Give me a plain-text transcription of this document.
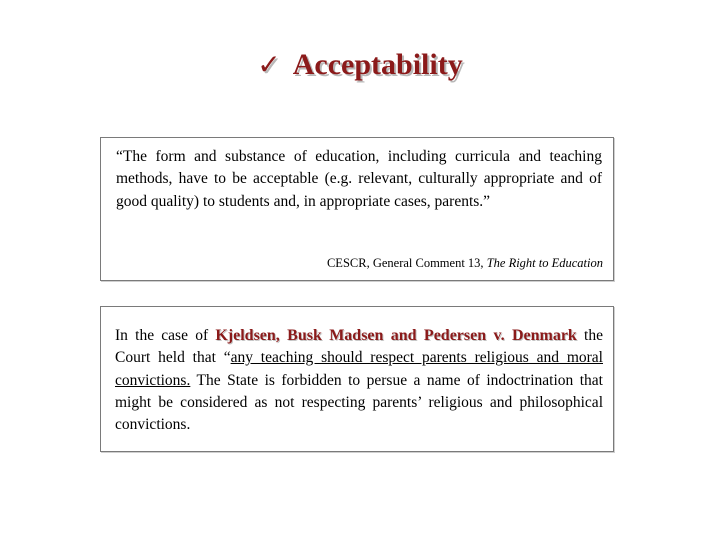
✓ Acceptability
“The form and substance of education, including curricula and teaching methods, have to be acceptable (e.g. relevant, culturally appropriate and of good quality) to students and, in appropriate cases, parents.”
CESCR, General Comment 13, The Right to Education
In the case of Kjeldsen, Busk Madsen and Pedersen v. Denmark the Court held that “any teaching should respect parents religious and moral convictions. The State is forbidden to persue a name of indoctrination that might be considered as not respecting parents’ religious and philosophical convictions.
